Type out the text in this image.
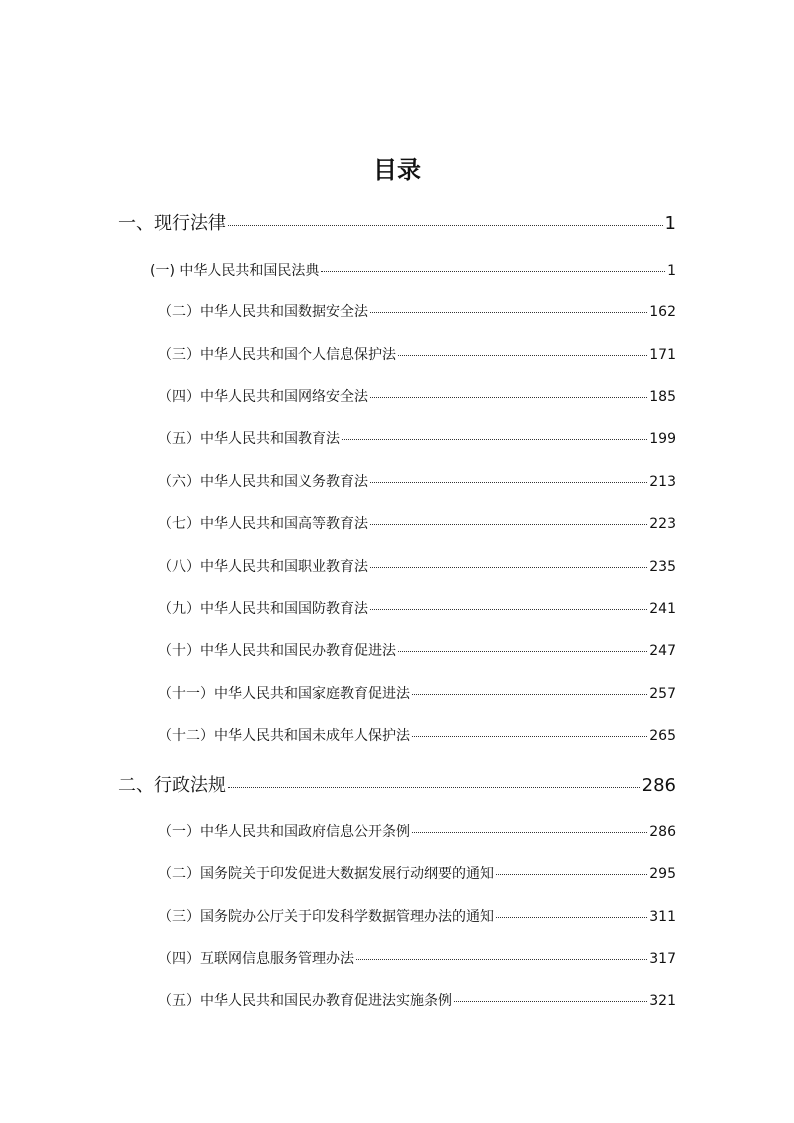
目录
一、现行法律	1
(一) 中华人民共和国民法典	1
（二）中华人民共和国数据安全法	162
（三）中华人民共和国个人信息保护法	171
（四）中华人民共和国网络安全法	185
（五）中华人民共和国教育法	199
（六）中华人民共和国义务教育法	213
（七）中华人民共和国高等教育法	223
（八）中华人民共和国职业教育法	235
（九）中华人民共和国国防教育法	241
（十）中华人民共和国民办教育促进法	247
（十一）中华人民共和国家庭教育促进法	257
（十二）中华人民共和国未成年人保护法	265
二、行政法规	286
（一）中华人民共和国政府信息公开条例	286
（二）国务院关于印发促进大数据发展行动纲要的通知	295
（三）国务院办公厅关于印发科学数据管理办法的通知	311
（四）互联网信息服务管理办法	317
（五）中华人民共和国民办教育促进法实施条例	321
